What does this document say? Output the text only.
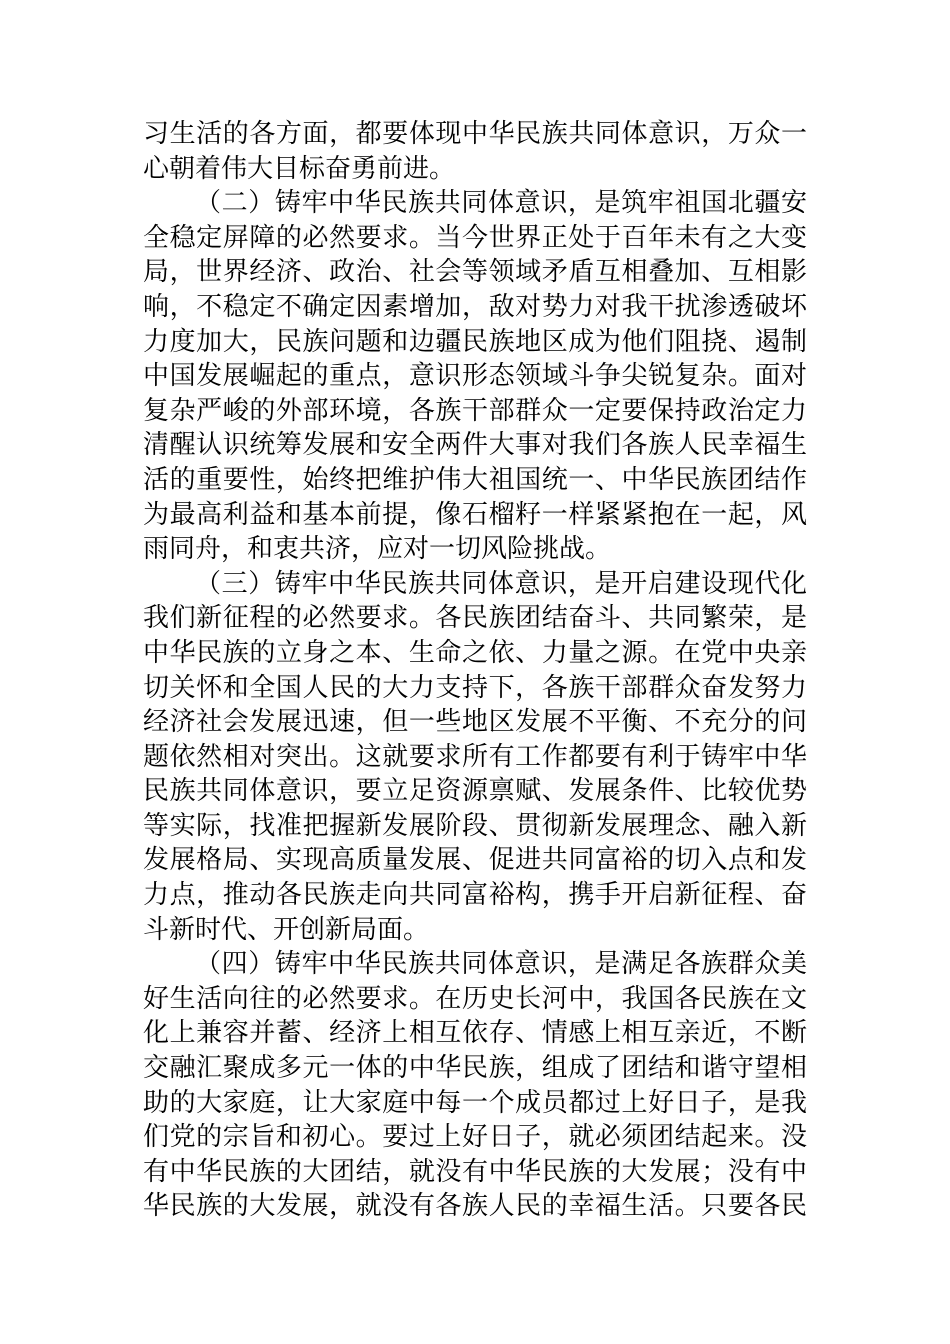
习生活的各方面，都要体现中华民族共同体意识，万众一
心朝着伟大目标奋勇前进。
（二）铸牢中华民族共同体意识，是筑牢祖国北疆安
全稳定屏障的必然要求。当今世界正处于百年未有之大变
局，世界经济、政治、社会等领域矛盾互相叠加、互相影
响，不稳定不确定因素增加，敌对势力对我干扰渗透破坏
力度加大，民族问题和边疆民族地区成为他们阻挠、遏制
中国发展崛起的重点，意识形态领域斗争尖锐复杂。面对
复杂严峻的外部环境，各族干部群众一定要保持政治定力
清醒认识统筹发展和安全两件大事对我们各族人民幸福生
活的重要性，始终把维护伟大祖国统一、中华民族团结作
为最高利益和基本前提，像石榴籽一样紧紧抱在一起，风
雨同舟，和衷共济，应对一切风险挑战。
（三）铸牢中华民族共同体意识，是开启建设现代化
我们新征程的必然要求。各民族团结奋斗、共同繁荣，是
中华民族的立身之本、生命之依、力量之源。在党中央亲
切关怀和全国人民的大力支持下，各族干部群众奋发努力
经济社会发展迅速，但一些地区发展不平衡、不充分的问
题依然相对突出。这就要求所有工作都要有利于铸牢中华
民族共同体意识，要立足资源禀赋、发展条件、比较优势
等实际，找准把握新发展阶段、贯彻新发展理念、融入新
发展格局、实现高质量发展、促进共同富裕的切入点和发
力点，推动各民族走向共同富裕构，携手开启新征程、奋
斗新时代、开创新局面。
（四）铸牢中华民族共同体意识，是满足各族群众美
好生活向往的必然要求。在历史长河中，我国各民族在文
化上兼容并蓄、经济上相互依存、情感上相互亲近，不断
交融汇聚成多元一体的中华民族，组成了团结和谐守望相
助的大家庭，让大家庭中每一个成员都过上好日子，是我
们党的宗旨和初心。要过上好日子，就必须团结起来。没
有中华民族的大团结，就没有中华民族的大发展；没有中
华民族的大发展，就没有各族人民的幸福生活。只要各民
